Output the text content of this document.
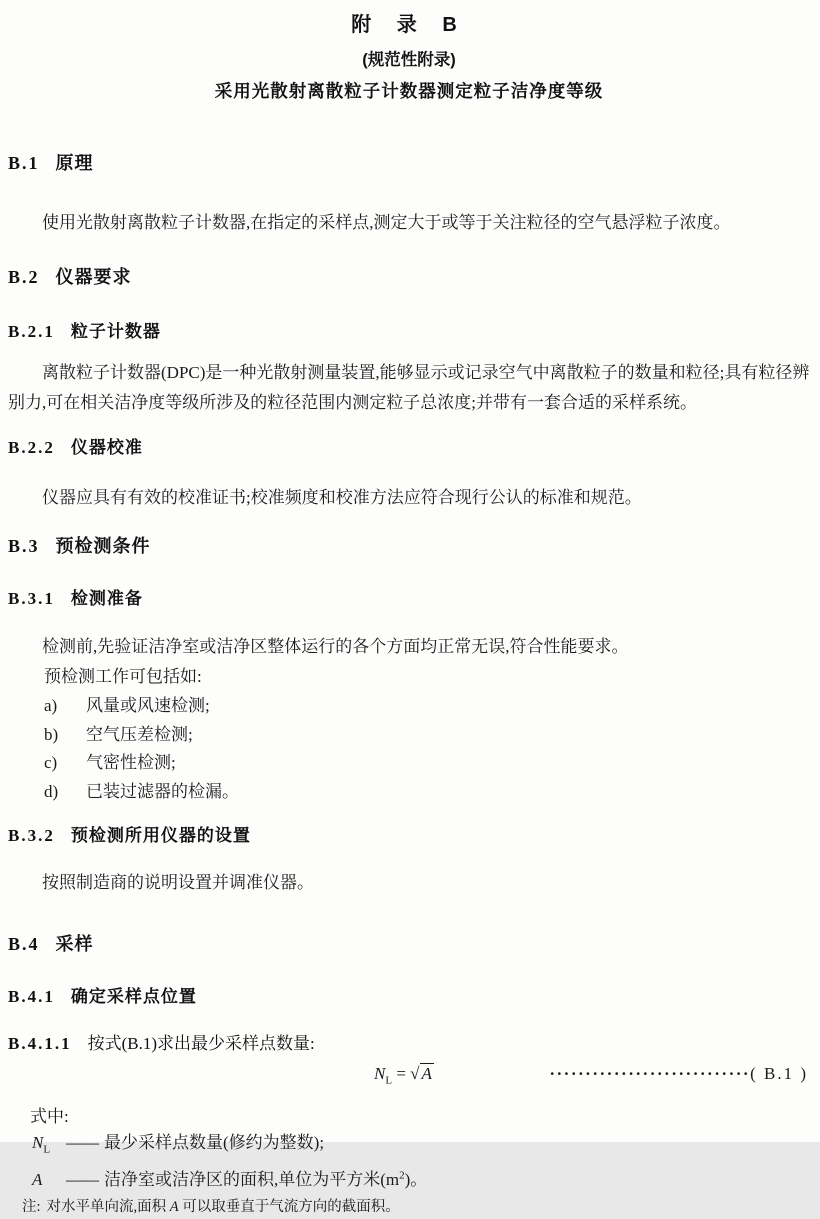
附 录 B
(规范性附录)
采用光散射离散粒子计数器测定粒子洁净度等级
B.1 原理

使用光散射离散粒子计数器,在指定的采样点,测定大于或等于关注粒径的空气悬浮粒子浓度。

B.2 仪器要求
B.2.1 粒子计数器

离散粒子计数器(DPC)是一种光散射测量装置,能够显示或记录空气中离散粒子的数量和粒径;具有粒径辨别力,可在相关洁净度等级所涉及的粒径范围内测定粒子总浓度;并带有一套合适的采样系统。

B.2.2 仪器校准

仪器应具有有效的校准证书;校准频度和校准方法应符合现行公认的标准和规范。

B.3 预检测条件
B.3.1 检测准备

检测前,先验证洁净室或洁净区整体运行的各个方面均正常无误,符合性能要求。

预检测工作可包括如:

a) 风量或风速检测;
b) 空气压差检测;
c) 气密性检测;
d) 已装过滤器的检漏。
B.3.2 预检测所用仪器的设置

按照制造商的说明设置并调准仪器。

B.4 采样
B.4.1 确定采样点位置
B.4.1.1 按式(B.1)求出最少采样点数量:
$N_L$ = √ A	····························( B.1 )
式中:
$N_L$ —— 最少采样点数量(修约为整数);
A —— 洁净室或洁净区的面积,单位为平方米$(m^2)$。
注: 对水平单向流,面积 A 可以取垂直于气流方向的截面积。
